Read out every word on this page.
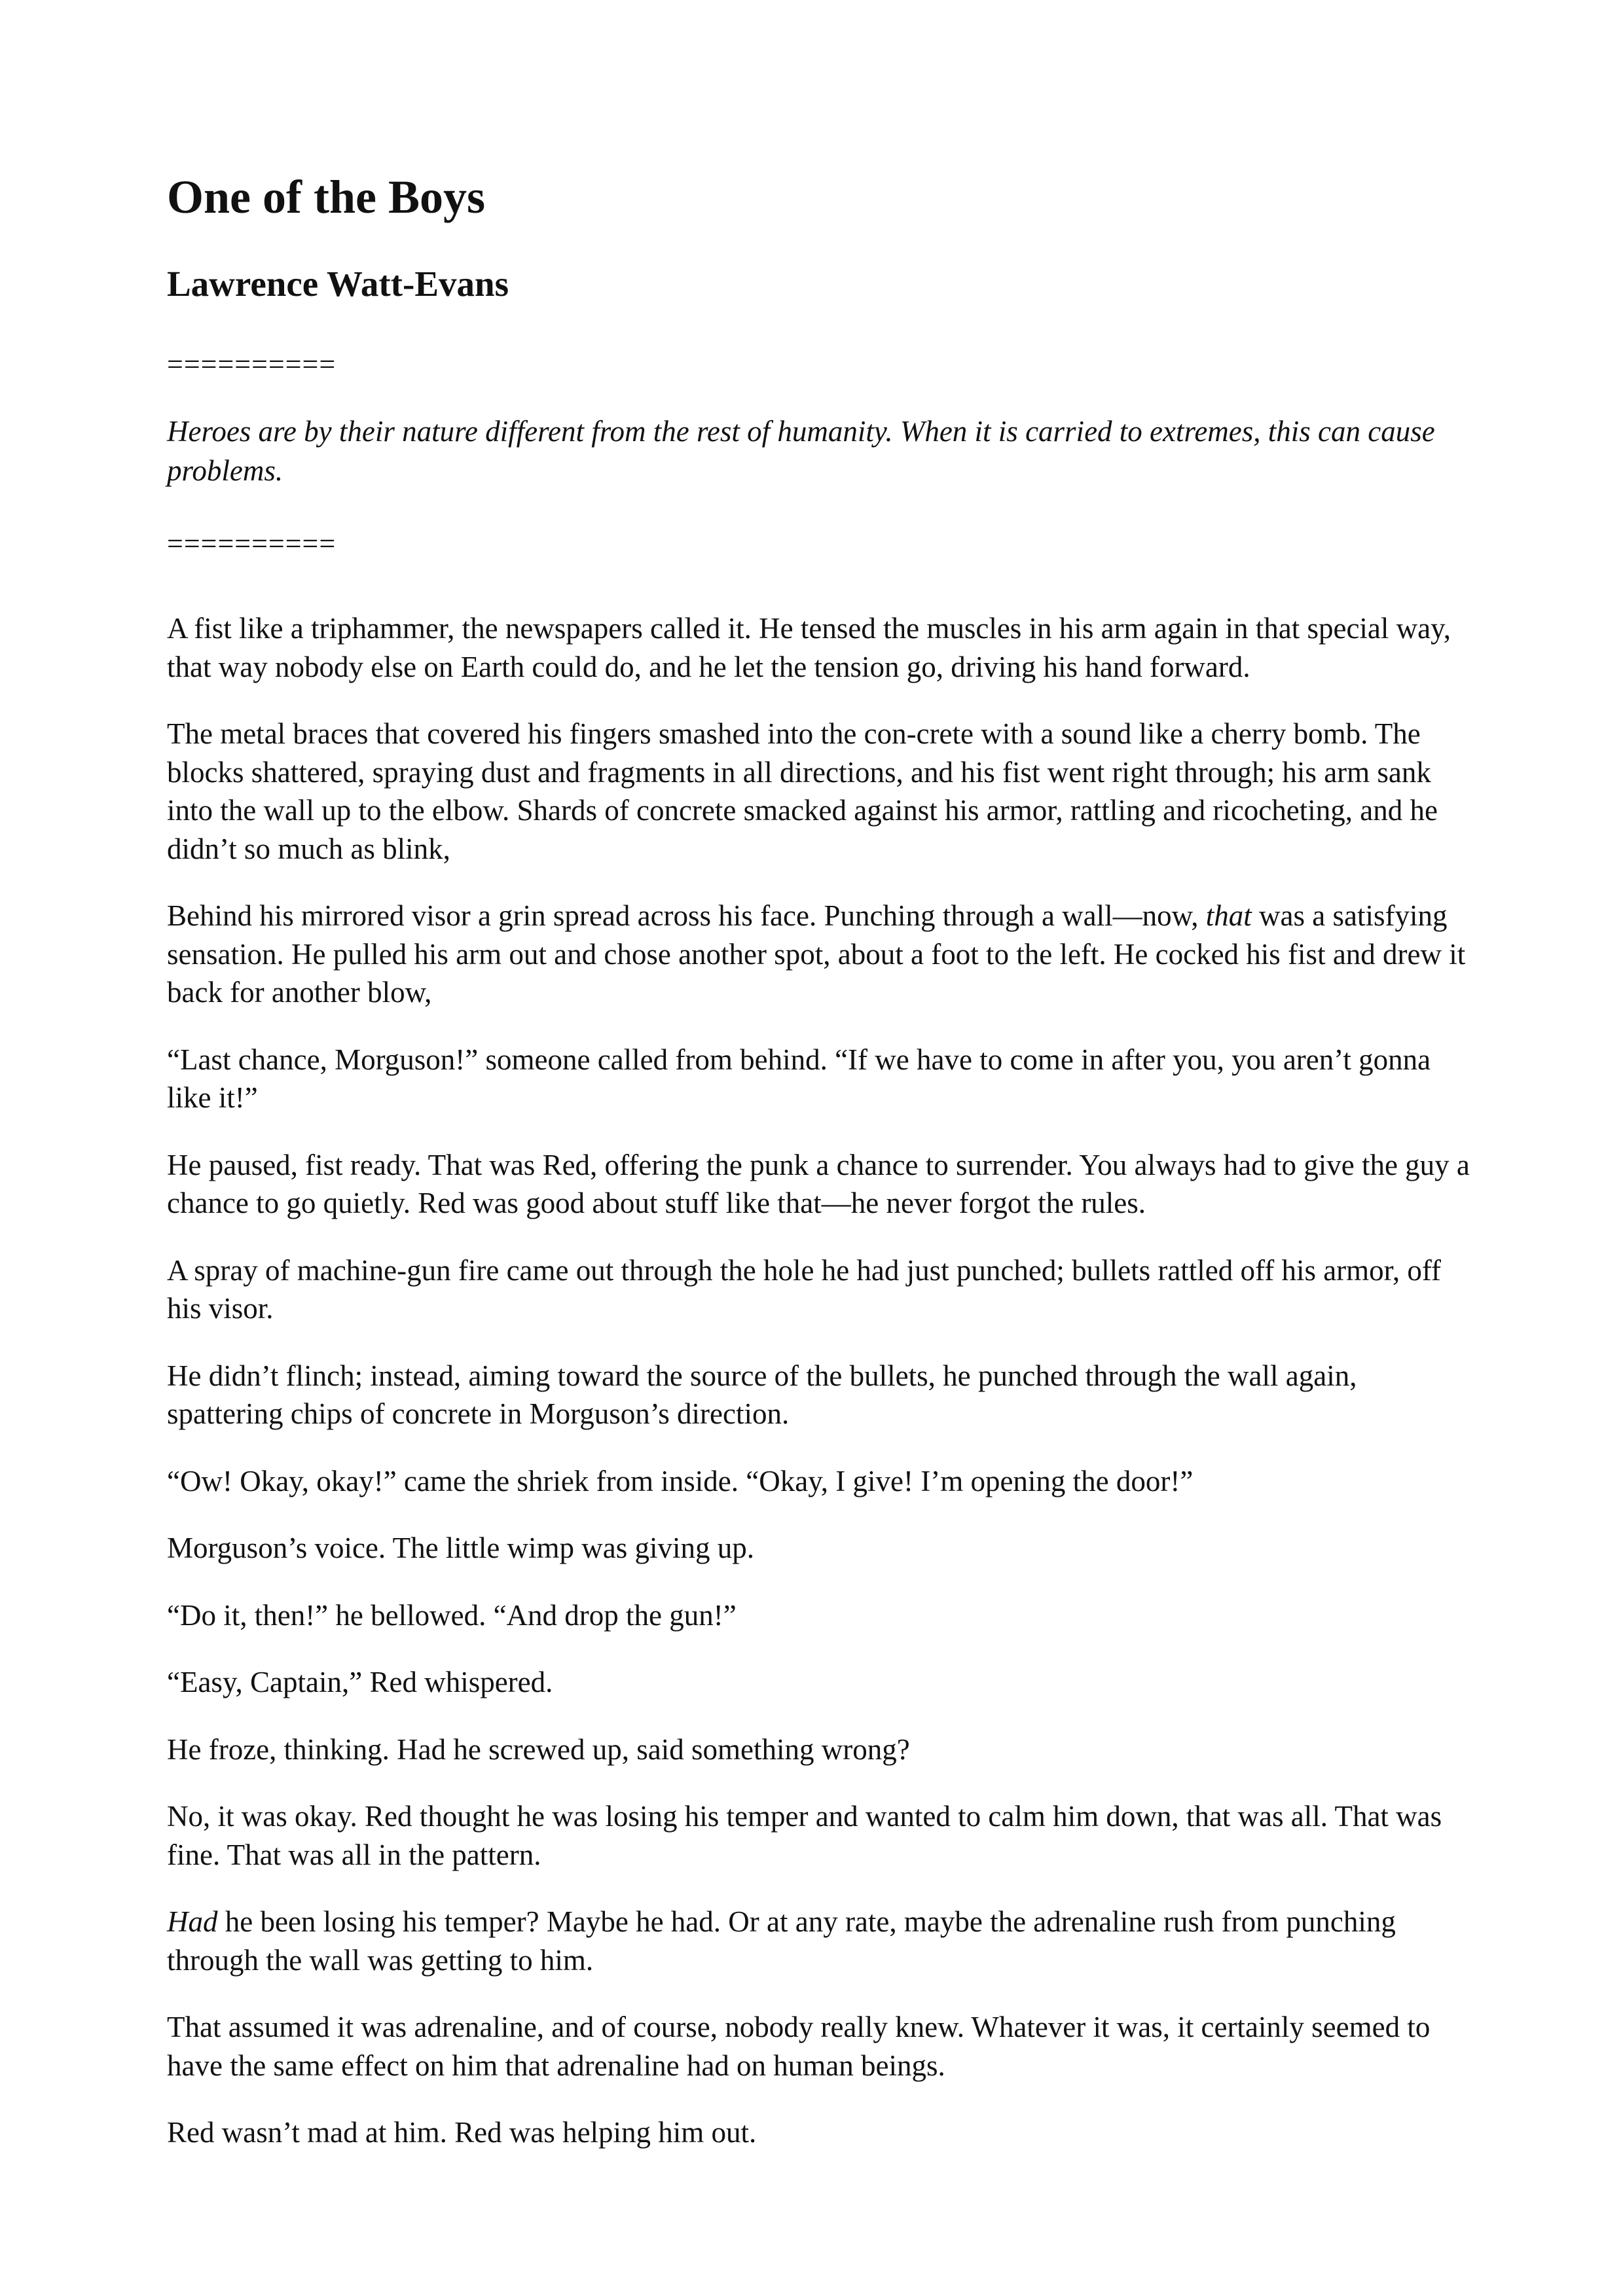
One of the Boys
Lawrence Watt-Evans

==========

Heroes are by their nature different from the rest of humanity. When it is carried to extremes, this can cause problems.

==========

A fist like a triphammer, the newspapers called it. He tensed the muscles in his arm again in that special way, that way nobody else on Earth could do, and he let the tension go, driving his hand forward.

The metal braces that covered his fingers smashed into the con-crete with a sound like a cherry bomb. The blocks shattered, spraying dust and fragments in all directions, and his fist went right through; his arm sank into the wall up to the elbow. Shards of concrete smacked against his armor, rattling and ricocheting, and he didn’t so much as blink,

Behind his mirrored visor a grin spread across his face. Punching through a wall—now, that was a satisfying sensation. He pulled his arm out and chose another spot, about a foot to the left. He cocked his fist and drew it back for another blow,

“Last chance, Morguson!” someone called from behind. “If we have to come in after you, you aren’t gonna like it!”

He paused, fist ready. That was Red, offering the punk a chance to surrender. You always had to give the guy a chance to go quietly. Red was good about stuff like that—he never forgot the rules.

A spray of machine-gun fire came out through the hole he had just punched; bullets rattled off his armor, off his visor.

He didn’t flinch; instead, aiming toward the source of the bullets, he punched through the wall again, spattering chips of concrete in Morguson’s direction.

“Ow! Okay, okay!” came the shriek from inside. “Okay, I give! I’m opening the door!”

Morguson’s voice. The little wimp was giving up.

“Do it, then!” he bellowed. “And drop the gun!”

“Easy, Captain,” Red whispered.

He froze, thinking. Had he screwed up, said something wrong?

No, it was okay. Red thought he was losing his temper and wanted to calm him down, that was all. That was fine. That was all in the pattern.

Had he been losing his temper? Maybe he had. Or at any rate, maybe the adrenaline rush from punching through the wall was getting to him.

That assumed it was adrenaline, and of course, nobody really knew. Whatever it was, it certainly seemed to have the same effect on him that adrenaline had on human beings.

Red wasn’t mad at him. Red was helping him out.
